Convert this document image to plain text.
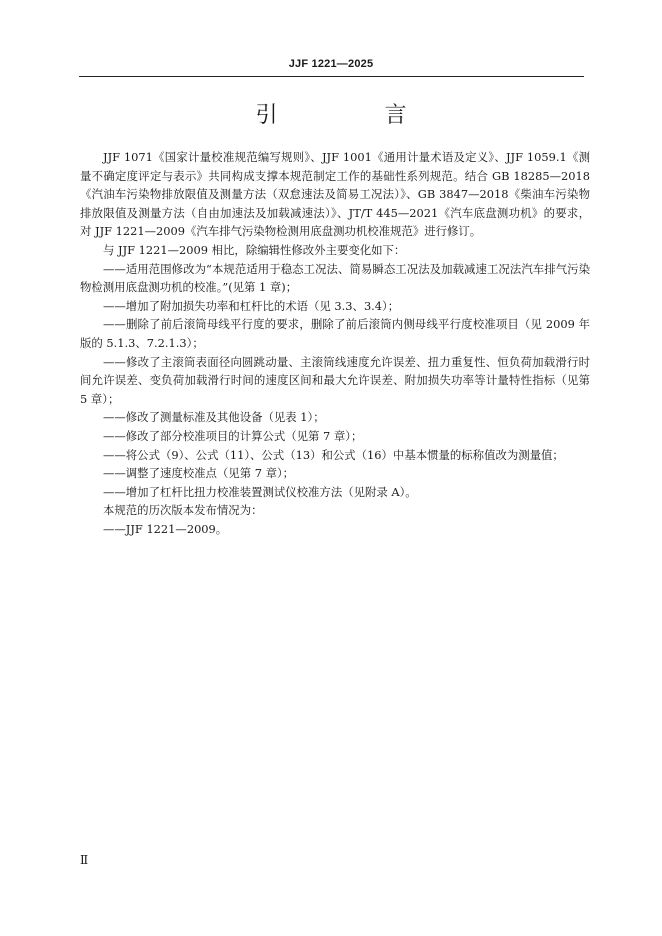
JJF 1221—2025
引 言

JJF 1071《国家计量校准规范编写规则》、JJF 1001《通用计量术语及定义》、JJF 1059.1《测量不确定度评定与表示》共同构成支撑本规范制定工作的基础性系列规范。结合 GB 18285—2018《汽油车污染物排放限值及测量方法（双怠速法及简易工况法）》、GB 3847—2018《柴油车污染物排放限值及测量方法（自由加速法及加载减速法）》、JT/T 445—2021《汽车底盘测功机》的要求，对 JJF 1221—2009《汽车排气污染物检测用底盘测功机校准规范》进行修订。

与 JJF 1221—2009 相比，除编辑性修改外主要变化如下：

——适用范围修改为“本规范适用于稳态工况法、简易瞬态工况法及加载减速工况法汽车排气污染物检测用底盘测功机的校准。”(见第 1 章)；

——增加了附加损失功率和杠杆比的术语（见 3.3、3.4）；

——删除了前后滚筒母线平行度的要求，删除了前后滚筒内侧母线平行度校准项目（见 2009 年版的 5.1.3、7.2.1.3）；

——修改了主滚筒表面径向圆跳动量、主滚筒线速度允许误差、扭力重复性、恒负荷加载滑行时间允许误差、变负荷加载滑行时间的速度区间和最大允许误差、附加损失功率等计量特性指标（见第 5 章）；

——修改了测量标准及其他设备（见表 1）；

——修改了部分校准项目的计算公式（见第 7 章）；

——将公式（9）、公式（11）、公式（13）和公式（16）中基本惯量的标称值改为测量值；

——调整了速度校准点（见第 7 章）；

——增加了杠杆比扭力校准装置测试仪校准方法（见附录 A）。

本规范的历次版本发布情况为：

——JJF 1221—2009。

Ⅱ
